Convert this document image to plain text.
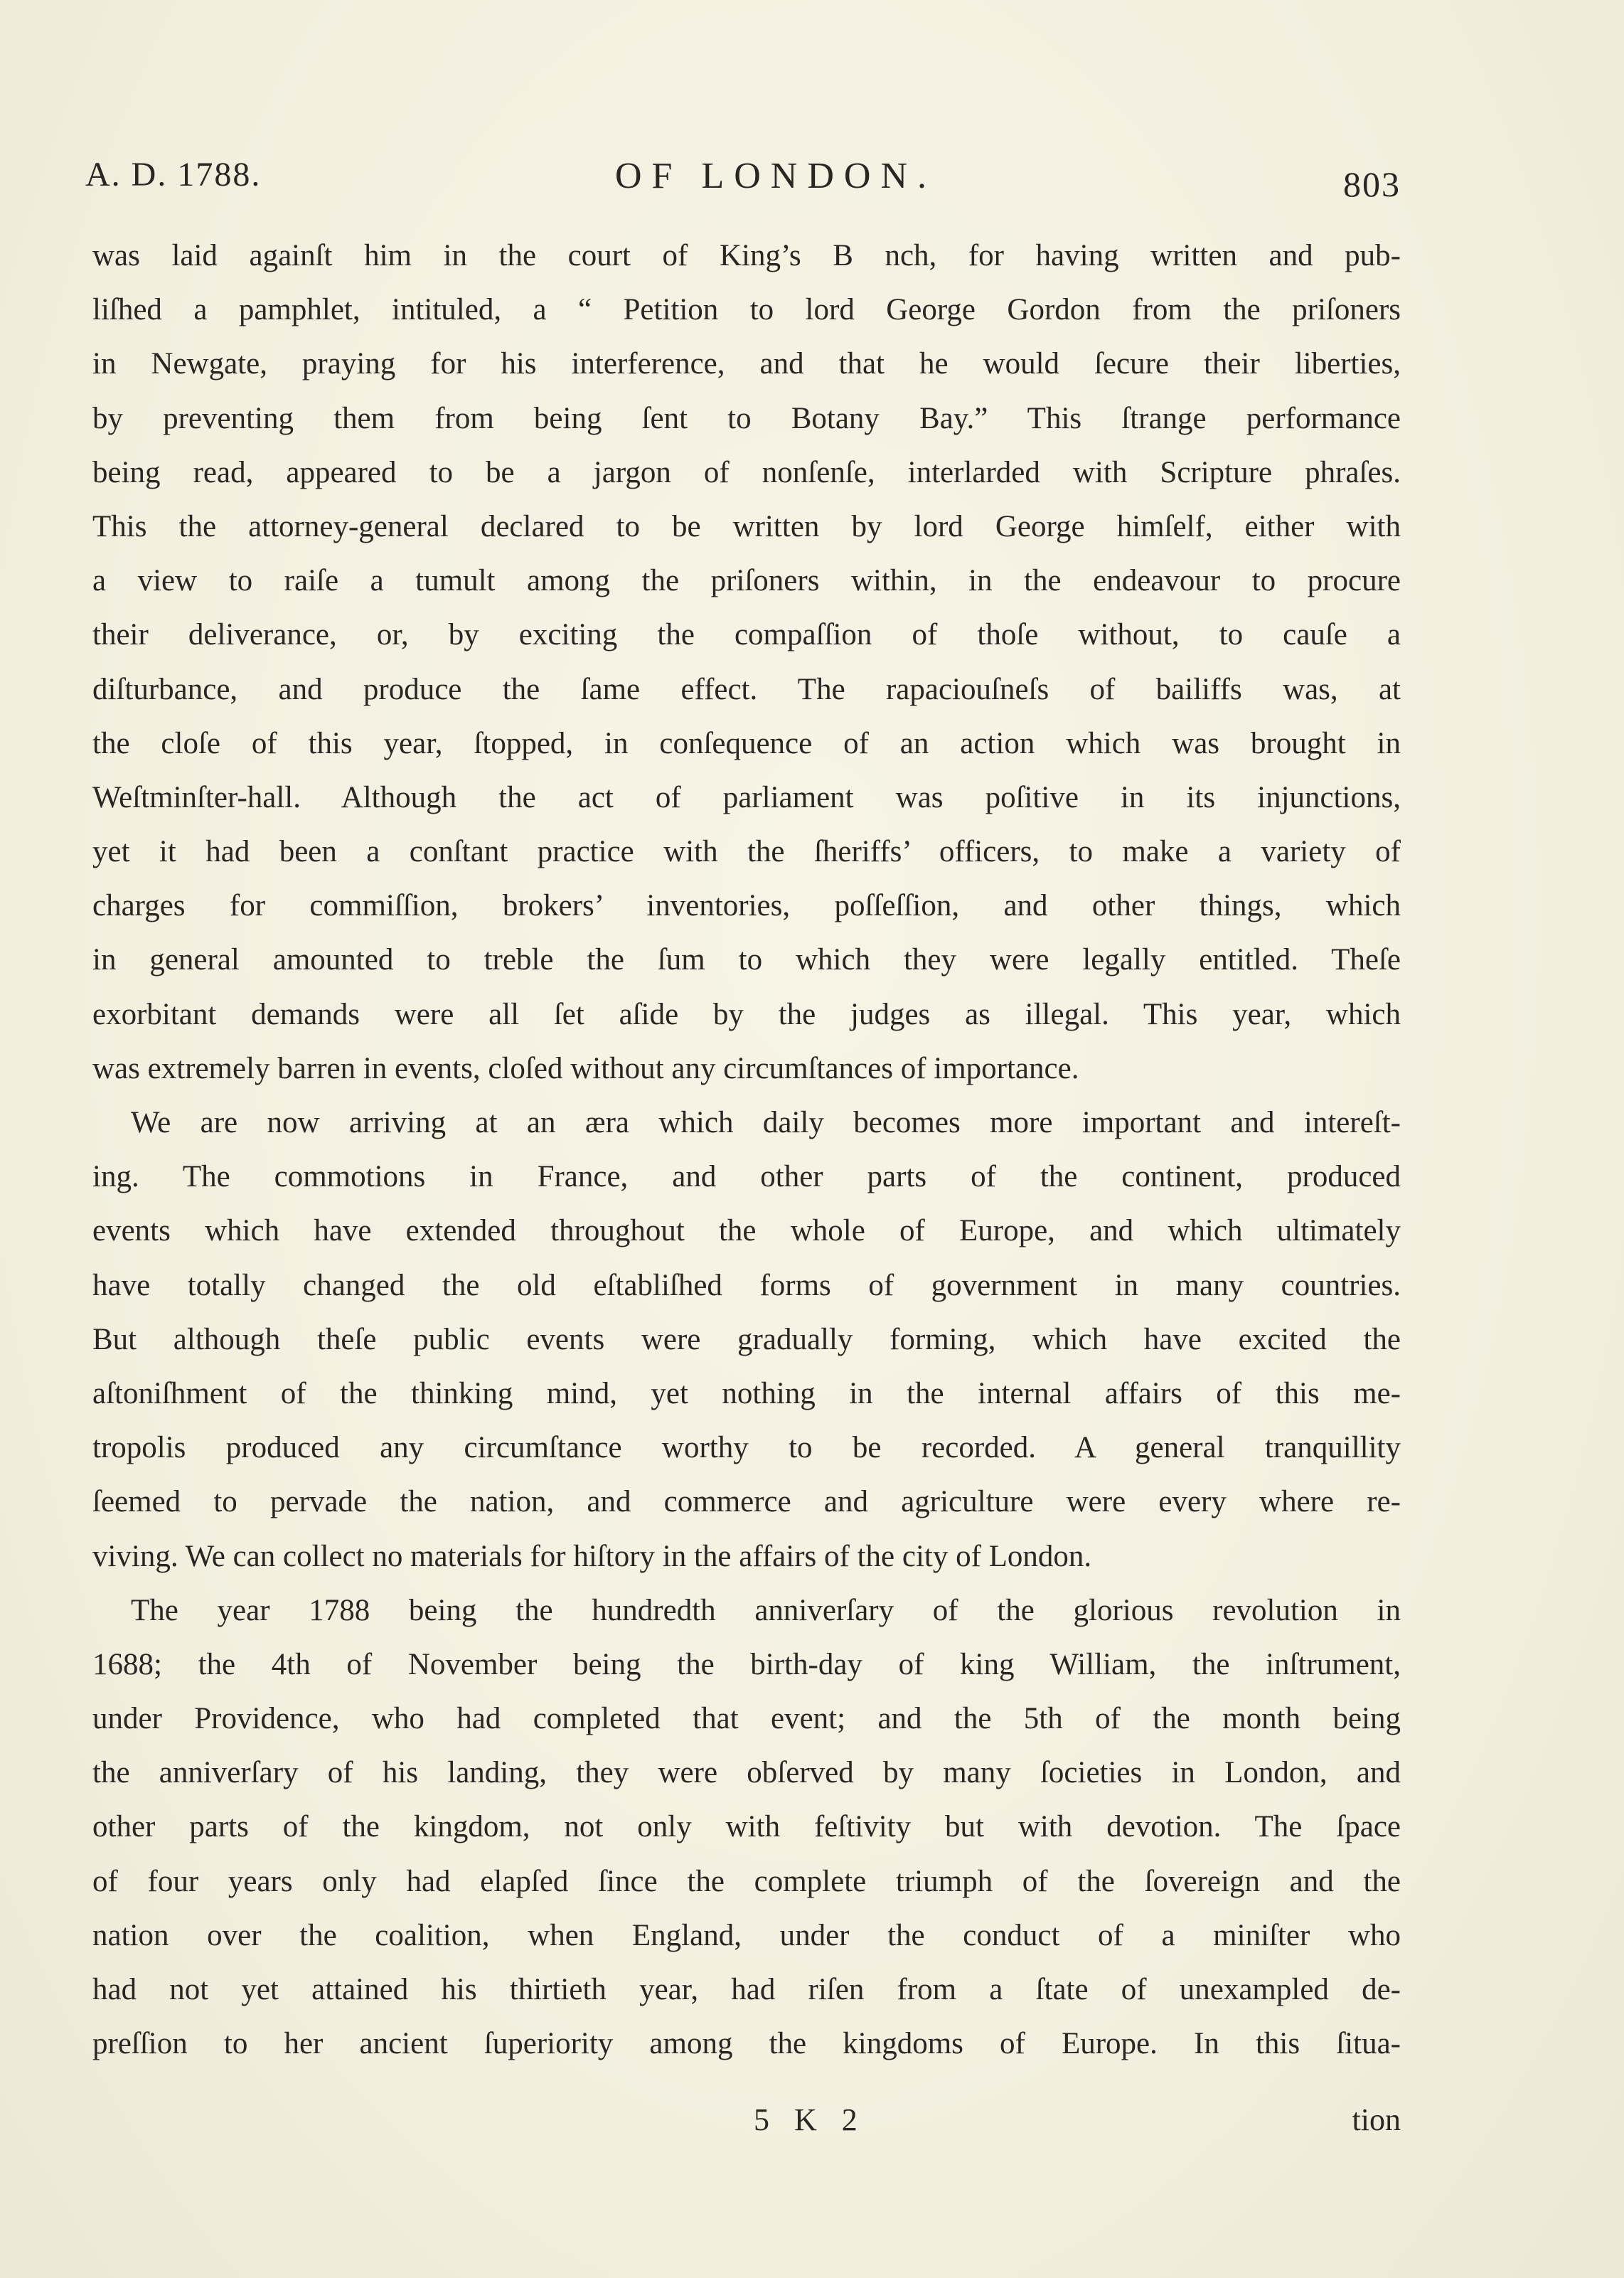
A. D. 1788.	OF LONDON.	803
was laid againſt him in the court of King’s B nch, for having written and pub-
liſhed a pamphlet, intituled, a “ Petition to lord George Gordon from the priſoners
in Newgate, praying for his interference, and that he would ſecure their liberties,
by preventing them from being ſent to Botany Bay.” This ſtrange performance
being read, appeared to be a jargon of nonſenſe, interlarded with Scripture phraſes.
This the attorney-general declared to be written by lord George himſelf, either with
a view to raiſe a tumult among the priſoners within, in the endeavour to procure
their deliverance, or, by exciting the compaſſion of thoſe without, to cauſe a
diſturbance, and produce the ſame effect. The rapaciouſneſs of bailiffs was, at
the cloſe of this year, ſtopped, in conſequence of an action which was brought in
Weſtminſter-hall. Although the act of parliament was poſitive in its injunctions,
yet it had been a conſtant practice with the ſheriffs’ officers, to make a variety of
charges for commiſſion, brokers’ inventories, poſſeſſion, and other things, which
in general amounted to treble the ſum to which they were legally entitled. Theſe
exorbitant demands were all ſet aſide by the judges as illegal. This year, which
was extremely barren in events, cloſed without any circumſtances of importance.
We are now arriving at an æra which daily becomes more important and intereſt-
ing. The commotions in France, and other parts of the continent, produced
events which have extended throughout the whole of Europe, and which ultimately
have totally changed the old eſtabliſhed forms of government in many countries.
But although theſe public events were gradually forming, which have excited the
aſtoniſhment of the thinking mind, yet nothing in the internal affairs of this me-
tropolis produced any circumſtance worthy to be recorded. A general tranquillity
ſeemed to pervade the nation, and commerce and agriculture were every where re-
viving. We can collect no materials for hiſtory in the affairs of the city of London.
The year 1788 being the hundredth anniverſary of the glorious revolution in
1688; the 4th of November being the birth-day of king William, the inſtrument,
under Providence, who had completed that event; and the 5th of the month being
the anniverſary of his landing, they were obſerved by many ſocieties in London, and
other parts of the kingdom, not only with feſtivity but with devotion. The ſpace
of four years only had elapſed ſince the complete triumph of the ſovereign and the
nation over the coalition, when England, under the conduct of a miniſter who
had not yet attained his thirtieth year, had riſen from a ſtate of unexampled de-
preſſion to her ancient ſuperiority among the kingdoms of Europe. In this ſitua-
5 K 2	tion
